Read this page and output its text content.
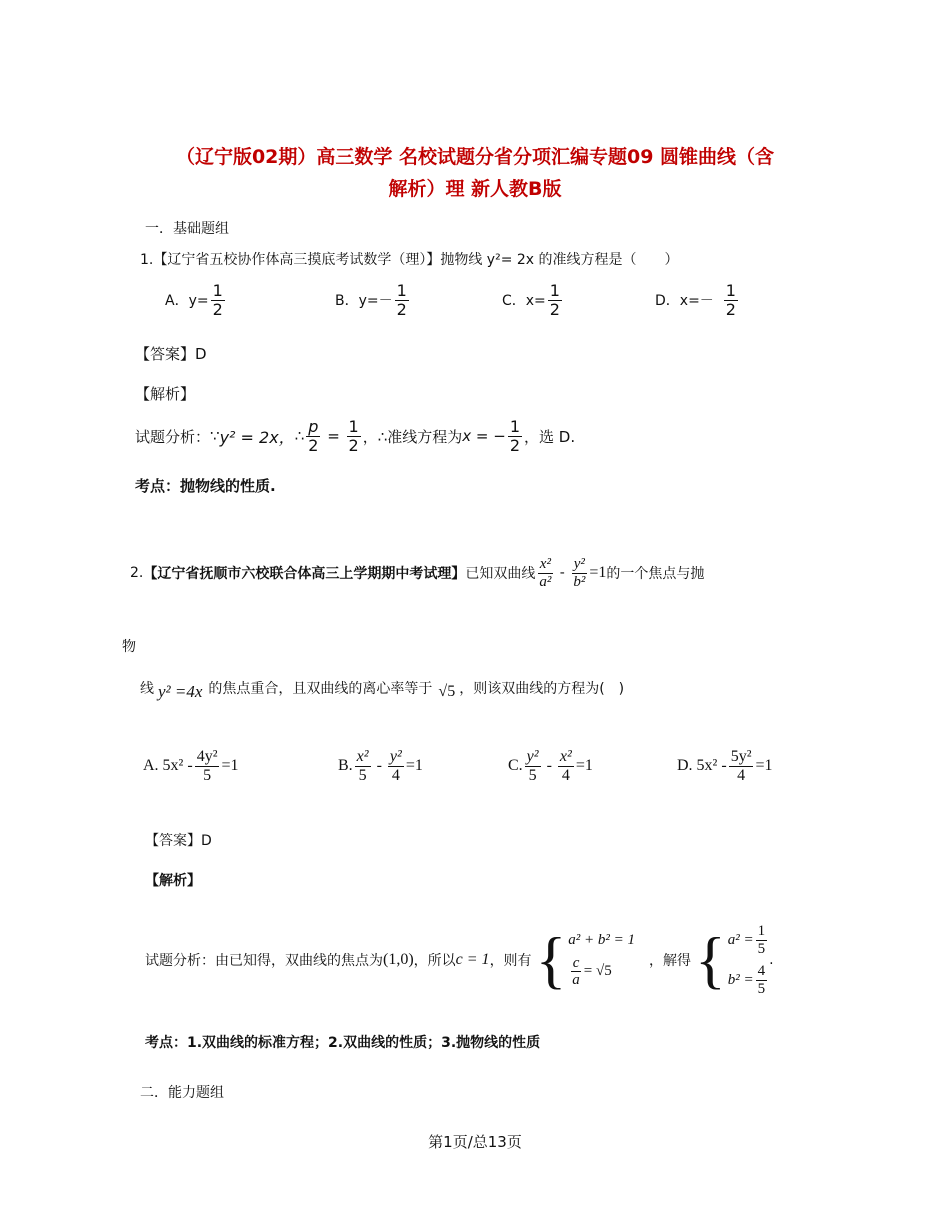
（辽宁版02期）高三数学 名校试题分省分项汇编专题09 圆锥曲线（含
解析）理 新人教B版
一．基础题组
1.【辽宁省五校协作体高三摸底考试数学（理）】抛物线 y²= 2x 的准线方程是（　　）
A．$y= \frac{1}{2}$	B．$y=- \frac{1}{2}$	C．$x= \frac{1}{2}$	D．$x=- \frac{1}{2}$
【答案】D
【解析】
试题分析： ∵ y² = 2x， ∴ $\frac{p}{2} = \frac{1}{2}$ ，∴准线方程为 x = − $\frac{1}{2}$ ，选 D.
考点：抛物线的性质.
2. 【辽宁省抚顺市六校联合体高三上学期期中考试理】 已知双曲线 $\frac{\text{x²}}{\text{a²}} - \frac{\text{y²}}{\text{b²}} =1$ 的一个焦点与抛
物
线 y² =4x 的焦点重合，且双曲线的离心率等于 √5 ，则该双曲线的方程为(　)
A. $5x^2 - \frac{\text{4y²}}{5} =1$	B. $\frac{\text{x²}}{5} - \frac{\text{y²}}{4} =1$	C. $\frac{\text{y²}}{5} - \frac{\text{x²}}{4} =1$	D. $5x^2 - \frac{\text{5y²}}{4} =1$
【答案】D
【解析】
试题分析：由已知得，双曲线的焦点为 (1,0) ，所以 c = 1 ，则有 { a² + b² = 1
$\frac{c}{a} = √5$
，解得 { $a^2 = \frac{1}{5}$
$b^2 = \frac{4}{5}$
.
考点：1.双曲线的标准方程；2.双曲线的性质；3.抛物线的性质
二．能力题组
第1页/总13页
